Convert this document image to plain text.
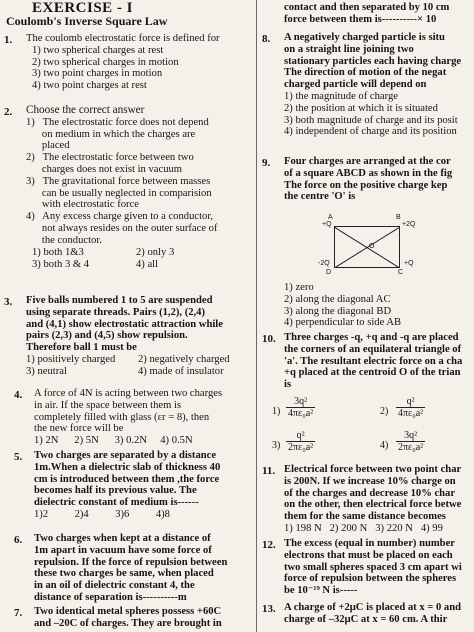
EXERCISE - I
Coulomb's Inverse Square Law
1. The coulomb electrostatic force is defined for
1) two spherical charges at rest
2) two spherical charges in motion
3) two point charges in motion
4) two point charges at rest
2. Choose the correct answer
1)   The electrostatic force does not depend
on medium in which the charges are
placed
2)   The electrostatic force between two
charges does not exist in vacuum
3)   The gravitational force between masses
can be usually neglected in comparision
with electrostatic force
4)   Any excess charge given to a conductor,
not always resides on the outer surface of
the conductor.
1) both 1&3	2) only 3
3) both 3 & 4	4) all
3. Five balls numbered 1 to 5 are suspended
using separate threads. Pairs (1,2), (2,4)
and (4,1) show electrostatic attraction while
pairs (2,3) and (4,5) show repulsion.
Therefore ball 1 must be
1) positively charged 2) negatively charged
3) neutral	4) made of insulator
4. A force of 4N is acting between two charges
in air. If the space between them is
completely filled with glass (εr = 8), then
the new force will be
1) 2N      2) 5N      3) 0.2N     4) 0.5N
5. Two charges are separated by a distance
1m.When a dielectric slab of thickness 40
cm is introduced between them ,the force
becomes half its previous value. The
dielectric constant of medium is------
1)2          2)4          3)6          4)8
6. Two charges when kept at a distance of
1m apart in vacuum have some force of
repulsion. If the force of repulsion between
these two charges be same, when placed
in an oil of dielectric constant 4, the
distance of separation is----------m
7. Two identical metal spheres possess +60C
and –20C of charges. They are brought in
contact and then separated by 10 cm
force between them is----------× 10
8. A negatively charged particle is situ
on a straight line joining two
stationary particles each having charge
The direction of motion of the negat
charged particle will depend on
1) the magnitude of charge
2) the position at which it is situated
3) both magnitude of charge and its posit
4) independent of charge and its position
9. Four charges are arranged at the cor
of a square ABCD as shown in the fig
The force on the positive charge kep
the centre 'O' is
A
+Q
B
+2Q
O
-2Q
D	C
+Q
1) zero
2) along the diagonal AC
3) along the diagonal BD
4) perpendicular to side AB
10. Three charges -q, +q and -q are placed
the corners of an equilateral triangle of
'a'. The resultant electric force on a cha
+q placed at the centroid O of the trian
is
$1) \frac{\text{3q²}}{\text{4πε₀a²}}$	$2) \frac{\text{q²}}{\text{4πε₀a²}}$
$3) \frac{\text{q²}}{\text{2πε₀a²}}$	$4) \frac{\text{3q²}}{\text{2πε₀a²}}$
11. Electrical force between two point char
is 200N. If we increase 10% charge on
of the charges and decrease 10% char
on the other, then electrical force betwe
them for the same distance becomes
1) 198 N   2) 200 N   3) 220 N   4) 99
12. The excess (equal in number) number
electrons that must be placed on each
two small spheres spaced 3 cm apart wi
force of repulsion between the spheres
be 10⁻¹⁹ N is-----
13. A charge of +2μC is placed at x = 0 and
charge of –32μC at x = 60 cm. A thir
